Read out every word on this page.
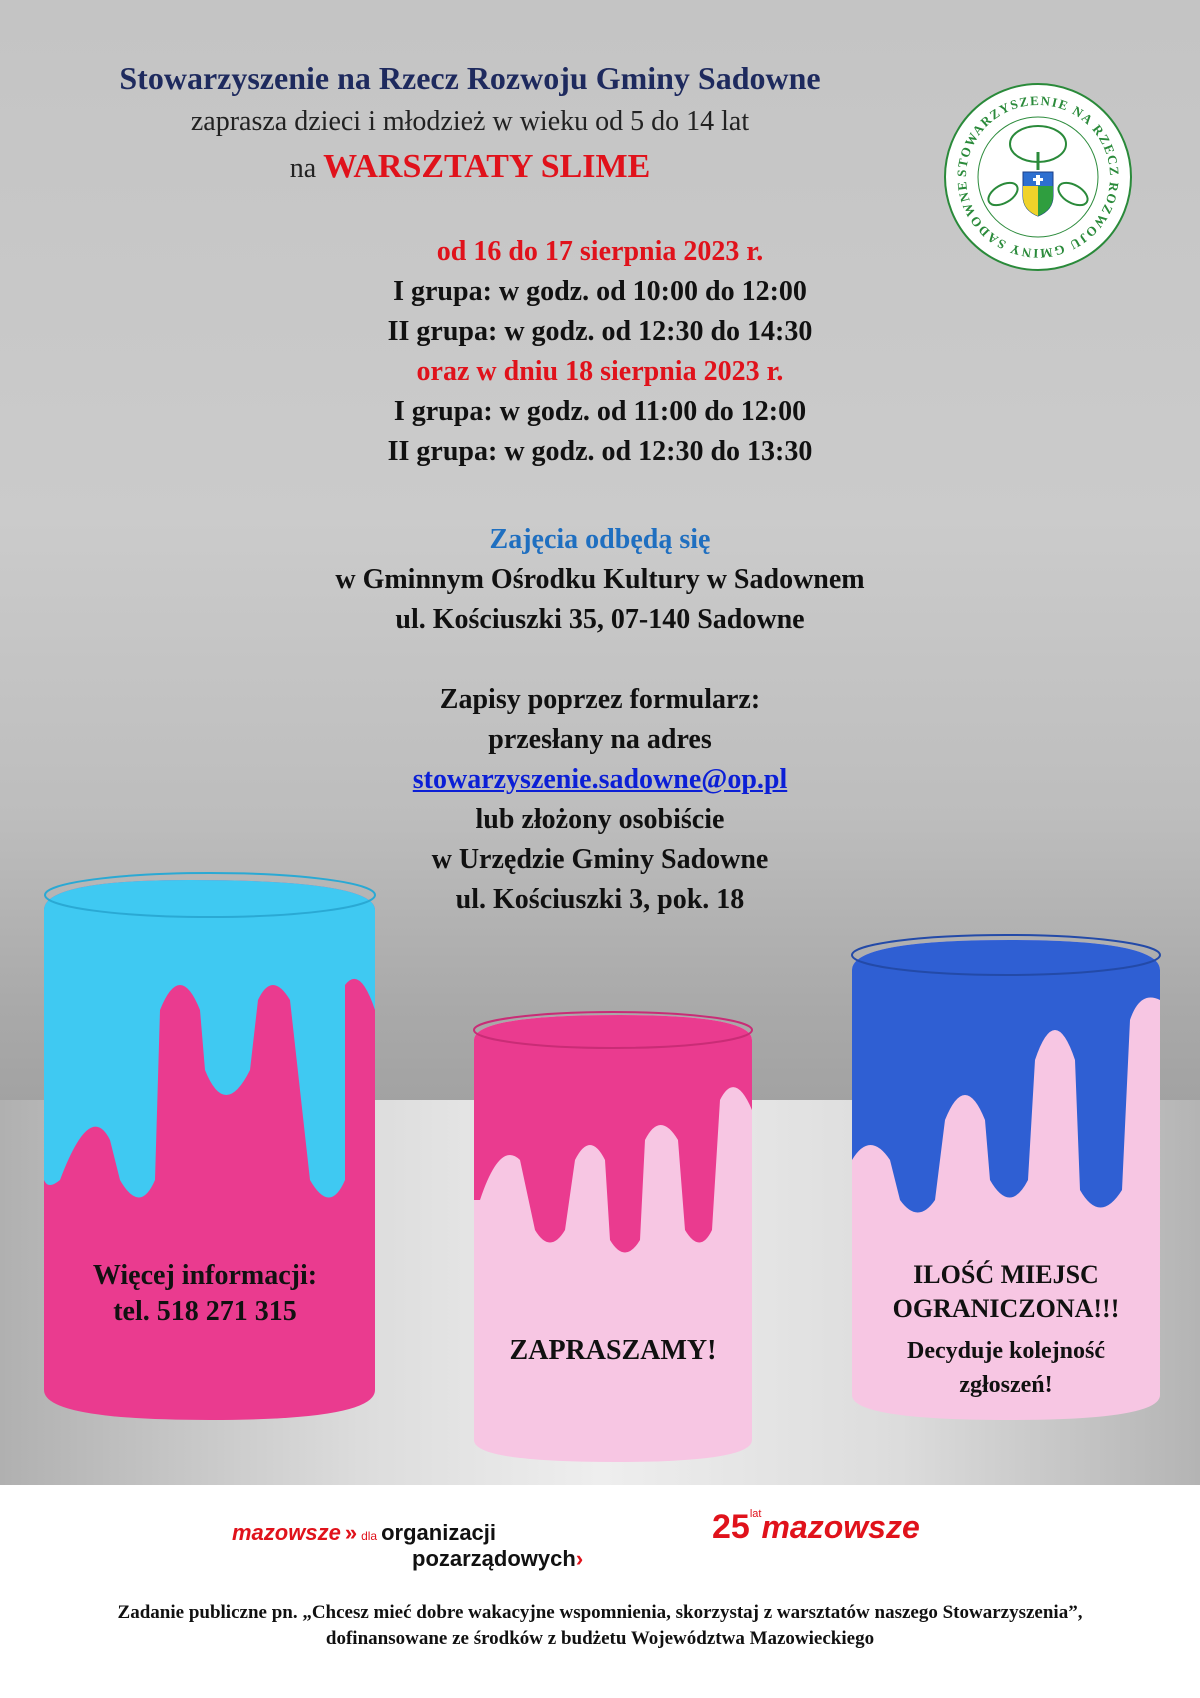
Stowarzyszenie na Rzecz Rozwoju Gminy Sadowne
zaprasza dzieci i młodzież w wieku od 5 do 14 lat
na WARSZTATY SLIME	STOWARZYSZENIE NA RZECZ ROZWOJU GMINY SADOWNE
od 16 do 17 sierpnia 2023 r.
I grupa: w godz. od 10:00 do 12:00
II grupa: w godz. od 12:30 do 14:30
oraz w dniu 18 sierpnia 2023 r.
I grupa: w godz. od 11:00 do 12:00
II grupa: w godz. od 12:30 do 13:30
Zajęcia odbędą się
w Gminnym Ośrodku Kultury w Sadownem
ul. Kościuszki 35, 07-140 Sadowne
Zapisy poprzez formularz:
przesłany na adres
stowarzyszenie.sadowne@op.pl
lub złożony osobiście
w Urzędzie Gminy Sadowne
ul. Kościuszki 3, pok. 18
Więcej informacji:
tel. 518 271 315
ZAPRASZAMY!
ILOŚĆ MIEJSC
OGRANICZONA!!!
Decyduje kolejność
zgłoszeń!
mazowsze » dla organizacji
pozarządowych›
$25^{lat}mazowsze$
Zadanie publiczne pn. „Chcesz mieć dobre wakacyjne wspomnienia, skorzystaj z warsztatów naszego Stowarzyszenia”,
dofinansowane ze środków z budżetu Województwa Mazowieckiego
